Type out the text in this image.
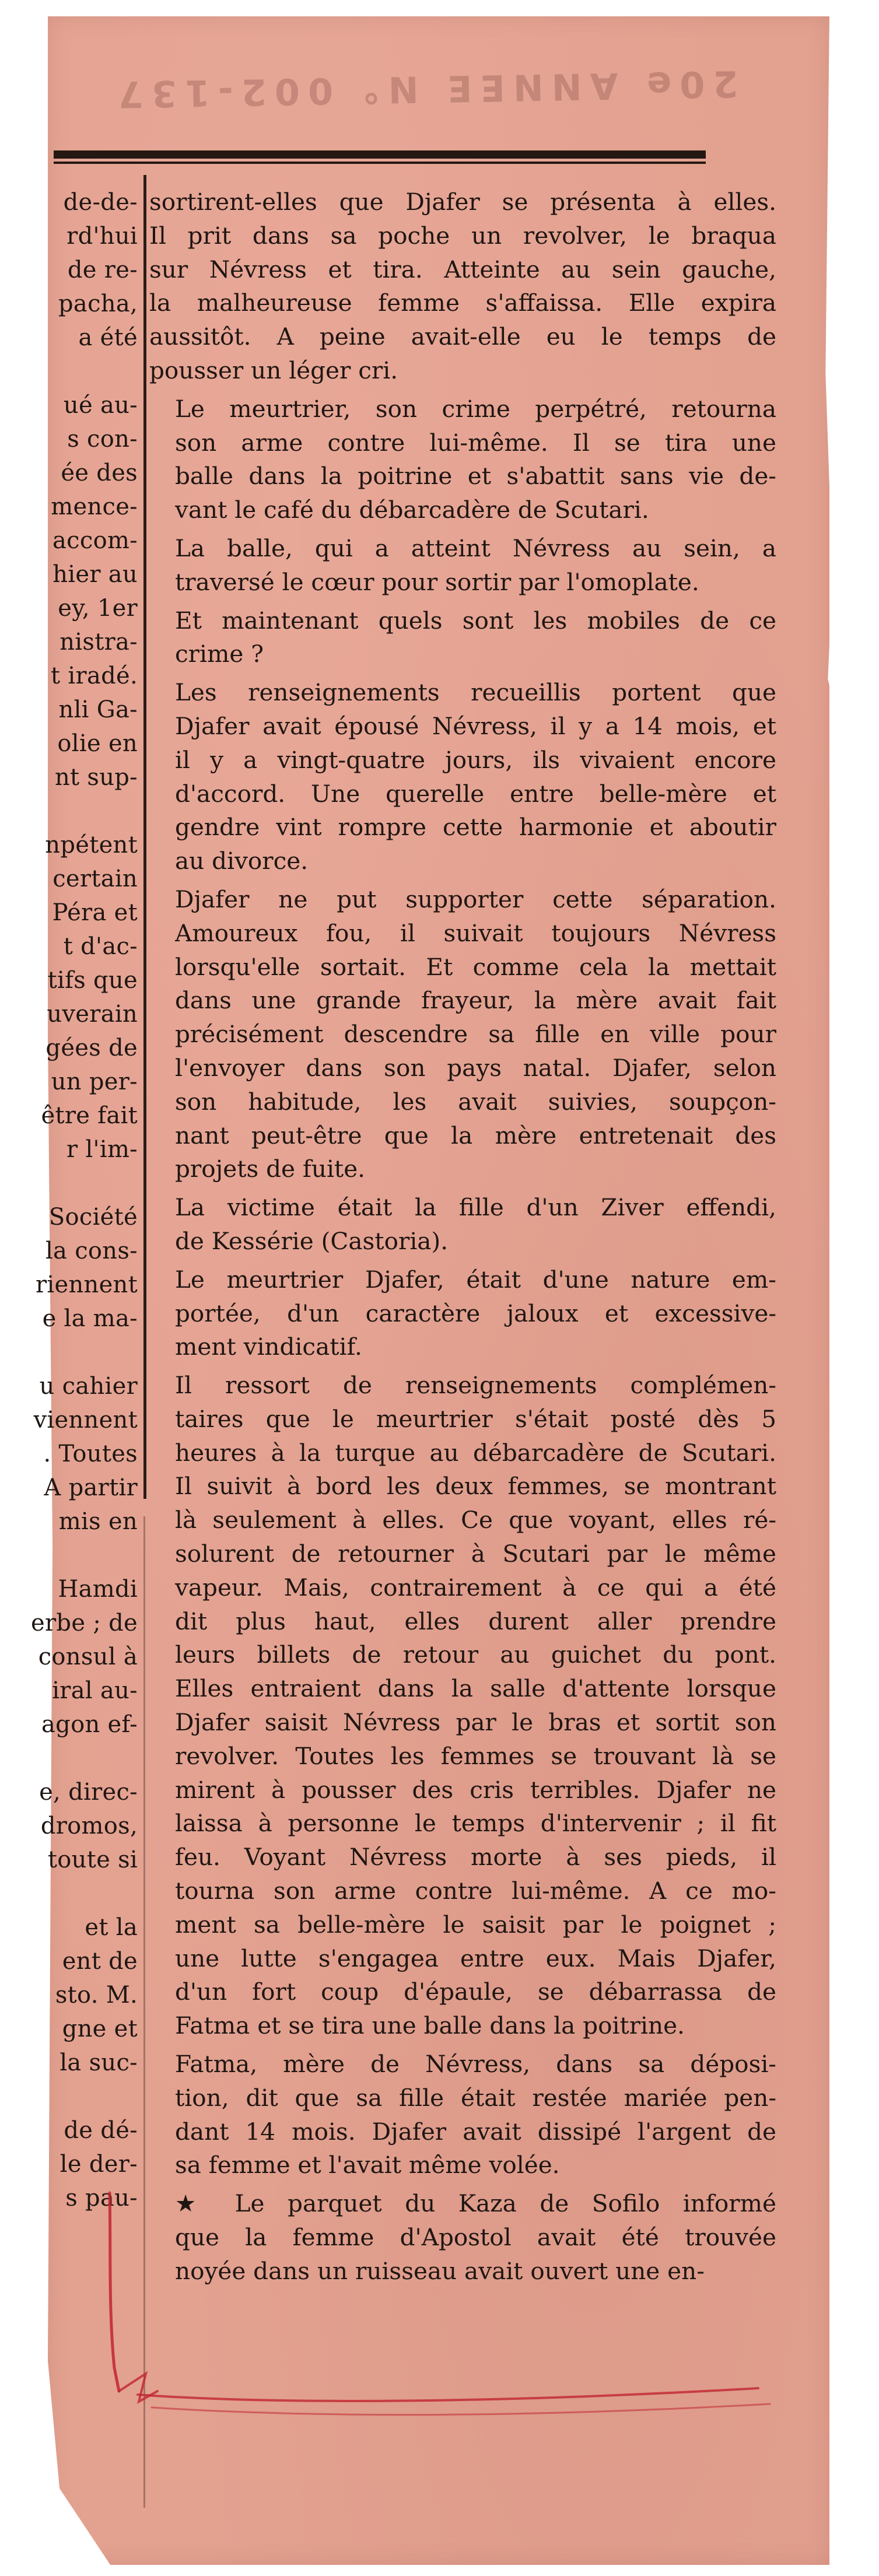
20e ANNEE N° 002-137
de-de-
rd'hui
de re-
pacha,
a été
ué au-
s con-
ée des
mence-
accom-
hier au
ey, 1er
nistra-
t iradé.
nli Ga-
olie en
nt sup-
npétent
certain
Péra et
t d'ac-
tifs que
uverain
gées de
un per-
être fait
r l'im-
Société
la cons-
riennent
e la ma-
u cahier
viennent
. Toutes
A partir
mis en
Hamdi
erbe ; de
consul à
iral au-
agon ef-
e, direc-
dromos,
toute si
et la
ent de
sto. M.
gne et
la suc-
de dé-
le der-
s pau-
sortirent-elles que Djafer se présenta à elles.
Il prit dans sa poche un revolver, le braqua
sur Névress et tira. Atteinte au sein gauche,
la malheureuse femme s'affaissa. Elle expira
aussitôt. A peine avait-elle eu le temps de
pousser un léger cri.
Le meurtrier, son crime perpétré, retourna
son arme contre lui-même. Il se tira une
balle dans la poitrine et s'abattit sans vie de-
vant le café du débarcadère de Scutari.
La balle, qui a atteint Névress au sein, a
traversé le cœur pour sortir par l'omoplate.
Et maintenant quels sont les mobiles de ce
crime ?
Les renseignements recueillis portent que
Djafer avait épousé Névress, il y a 14 mois, et
il y a vingt-quatre jours, ils vivaient encore
d'accord. Une querelle entre belle-mère et
gendre vint rompre cette harmonie et aboutir
au divorce.
Djafer ne put supporter cette séparation.
Amoureux fou, il suivait toujours Névress
lorsqu'elle sortait. Et comme cela la mettait
dans une grande frayeur, la mère avait fait
précisément descendre sa fille en ville pour
l'envoyer dans son pays natal. Djafer, selon
son habitude, les avait suivies, soupçon-
nant peut-être que la mère entretenait des
projets de fuite.
La victime était la fille d'un Ziver effendi,
de Kessérie (Castoria).
Le meurtrier Djafer, était d'une nature em-
portée, d'un caractère jaloux et excessive-
ment vindicatif.
Il ressort de renseignements complémen-
taires que le meurtrier s'était posté dès 5
heures à la turque au débarcadère de Scutari.
Il suivit à bord les deux femmes, se montrant
là seulement à elles. Ce que voyant, elles ré-
solurent de retourner à Scutari par le même
vapeur. Mais, contrairement à ce qui a été
dit plus haut, elles durent aller prendre
leurs billets de retour au guichet du pont.
Elles entraient dans la salle d'attente lorsque
Djafer saisit Névress par le bras et sortit son
revolver. Toutes les femmes se trouvant là se
mirent à pousser des cris terribles. Djafer ne
laissa à personne le temps d'intervenir ; il fit
feu. Voyant Névress morte à ses pieds, il
tourna son arme contre lui-même. A ce mo-
ment sa belle-mère le saisit par le poignet ;
une lutte s'engagea entre eux. Mais Djafer,
d'un fort coup d'épaule, se débarrassa de
Fatma et se tira une balle dans la poitrine.
Fatma, mère de Névress, dans sa déposi-
tion, dit que sa fille était restée mariée pen-
dant 14 mois. Djafer avait dissipé l'argent de
sa femme et l'avait même volée.
★ Le parquet du Kaza de Sofilo informé
que la femme d'Apostol avait été trouvée
noyée dans un ruisseau avait ouvert une en-
